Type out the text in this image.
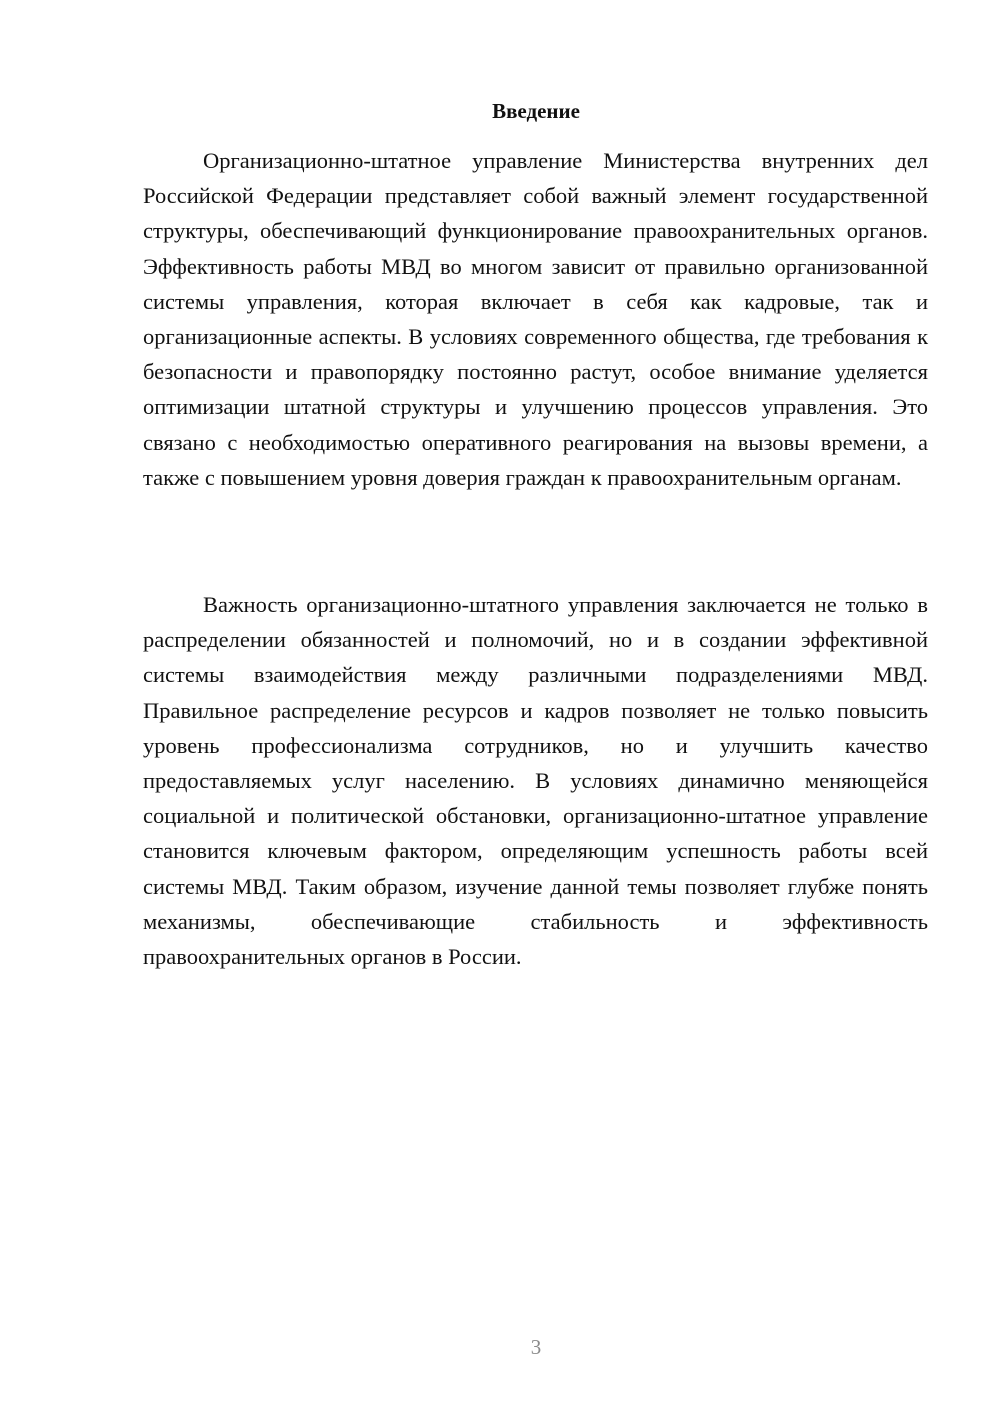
Введение

Организационно-штатное управление Министерства внутренних дел Российской Федерации представляет собой важный элемент государственной структуры, обеспечивающий функционирование правоохранительных органов. Эффективность работы МВД во многом зависит от правильно организованной системы управления, которая включает в себя как кадровые, так и организационные аспекты. В условиях современного общества, где требования к безопасности и правопорядку постоянно растут, особое внимание уделяется оптимизации штатной структуры и улучшению процессов управления. Это связано с необходимостью оперативного реагирования на вызовы времени, а также с повышением уровня доверия граждан к правоохранительным органам.

Важность организационно-штатного управления заключается не только в распределении обязанностей и полномочий, но и в создании эффективной системы взаимодействия между различными подразделениями МВД. Правильное распределение ресурсов и кадров позволяет не только повысить уровень профессионализма сотрудников, но и улучшить качество предоставляемых услуг населению. В условиях динамично меняющейся социальной и политической обстановки, организационно-штатное управление становится ключевым фактором, определяющим успешность работы всей системы МВД. Таким образом, изучение данной темы позволяет глубже понять механизмы, обеспечивающие стабильность и эффективность правоохранительных органов в России.

3
